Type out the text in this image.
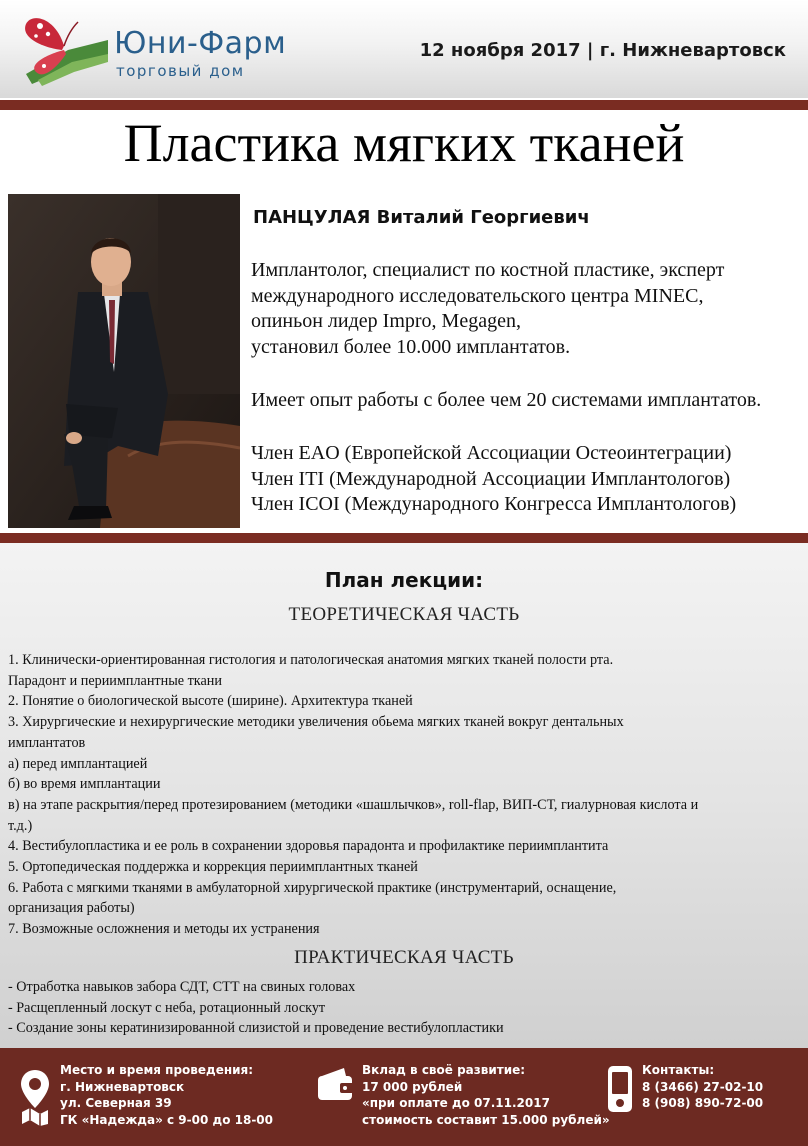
Юни-Фарм
торговый дом
12 ноября 2017 | г. Нижневартовск
Пластика мягких тканей
ПАНЦУЛАЯ Виталий Георгиевич

Имплантолог, специалист по костной пластике, эксперт

международного исследовательского центра MINEC,

опиньон лидер Impro, Megagen,

установил более 10.000 имплантатов.

Имеет опыт работы с более чем 20 системами имплантатов.

Член EAO (Европейской Ассоциации Остеоинтеграции)

Член ITI (Международной Ассоциации Имплантологов)

Член ICOI (Международного Конгресса Имплантологов)

План лекции:
ТЕОРЕТИЧЕСКАЯ ЧАСТЬ
1. Клинически-ориентированная гистология и патологическая анатомия мягких тканей полости рта.
Парадонт и периимплантные ткани
2. Понятие о биологической высоте (ширине). Архитектура тканей
3. Хирургические и нехирургические методики увеличения обьема мягких тканей вокруг дентальных
имплантатов
а) перед имплантацией
б) во время имплантации
в) на этапе раскрытия/перед протезированием (методики «шашлычков», roll-flap, ВИП-СТ, гиалурновая кислота и
т.д.)
4. Вестибулопластика и ее роль в сохранении здоровья парадонта и профилактике периимплантита
5. Ортопедическая поддержка и коррекция периимплантных тканей
6. Работа с мягкими тканями в амбулаторной хирургической практике (инструментарий, оснащение,
организация работы)
7. Возможные осложнения и методы их устранения
ПРАКТИЧЕСКАЯ ЧАСТЬ
- Отработка навыков забора СДТ, СТТ на свиных головах
- Расщепленный лоскут с неба, ротационный лоскут
- Создание зоны кератинизированной слизистой и проведение вестибулопластики
Место и время проведения:
г. Нижневартовск
ул. Северная 39
ГК «Надежда» с 9-00 до 18-00
Вклад в своё развитие:
17 000 рублей
«при оплате до 07.11.2017
стоимость составит 15.000 рублей»
Контакты:
8 (3466) 27-02-10
8 (908) 890-72-00
